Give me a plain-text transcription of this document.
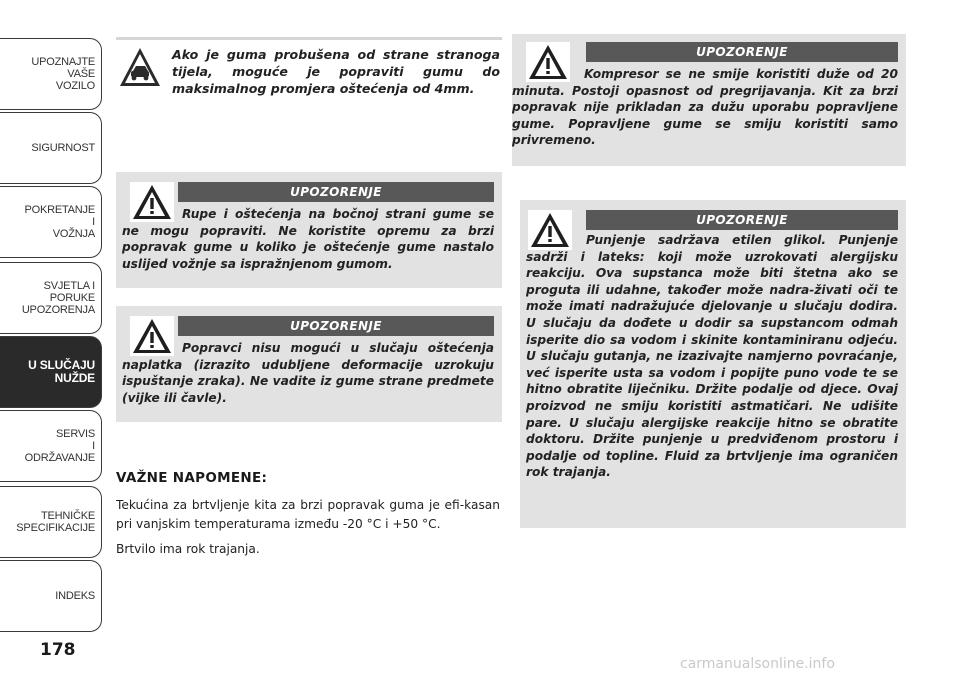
UPOZNAJTE
VAŠE
VOZILO
SIGURNOST
POKRETANJE
I
VOŽNJA
SVJETLA I
PORUKE
UPOZORENJA
U SLUČAJU
NUŽDE
SERVIS
I
ODRŽAVANJE
TEHNIČKE
SPECIFIKACIJE
INDEKS
178
Ako je guma probušena od strane stranoga tijela, moguće je popraviti gumu do maksimalnog promjera oštećenja od 4mm.
UPOZORENJE
Rupe i oštećenja na bočnoj strani gume se ne mogu popraviti. Ne koristite opremu za brzi popravak gume u koliko je oštećenje gume nastalo uslijed vožnje sa ispražnjenom gumom.
UPOZORENJE
Popravci nisu mogući u slučaju oštećenja naplatka (izrazito udubljene deformacije uzrokuju ispuštanje zraka). Ne vadite iz gume strane predmete (vijke ili čavle).
UPOZORENJE
Kompresor se ne smije koristiti duže od 20 minuta. Postoji opasnost od pregrijavanja. Kit za brzi popravak nije prikladan za dužu uporabu popravljene gume. Popravljene gume se smiju koristiti samo privremeno.
UPOZORENJE
Punjenje sadržava etilen glikol. Punjenje sadrži i lateks: koji može uzrokovati alergijsku reakciju. Ova supstanca može biti štetna ako se proguta ili udahne, također može nadra-živati oči te može imati nadražujuće djelovanje u slučaju dodira. U slučaju da dođete u dodir sa supstancom odmah isperite dio sa vodom i skinite kontaminiranu odjeću. U slučaju gutanja, ne izazivajte namjerno povraćanje, već isperite usta sa vodom i popijte puno vode te se hitno obratite liječniku. Držite podalje od djece. Ovaj proizvod ne smiju koristiti astmatičari. Ne udišite pare. U slučaju alergijske reakcije hitno se obratite doktoru. Držite punjenje u predviđenom prostoru i podalje od topline. Fluid za brtvljenje ima ograničen rok trajanja.
VAŽNE NAPOMENE:
Tekućina za brtvljenje kita za brzi popravak guma je efi-kasan pri vanjskim temperaturama između -20 °C i +50 °C.
Brtvilo ima rok trajanja.
carmanualsonline.info
